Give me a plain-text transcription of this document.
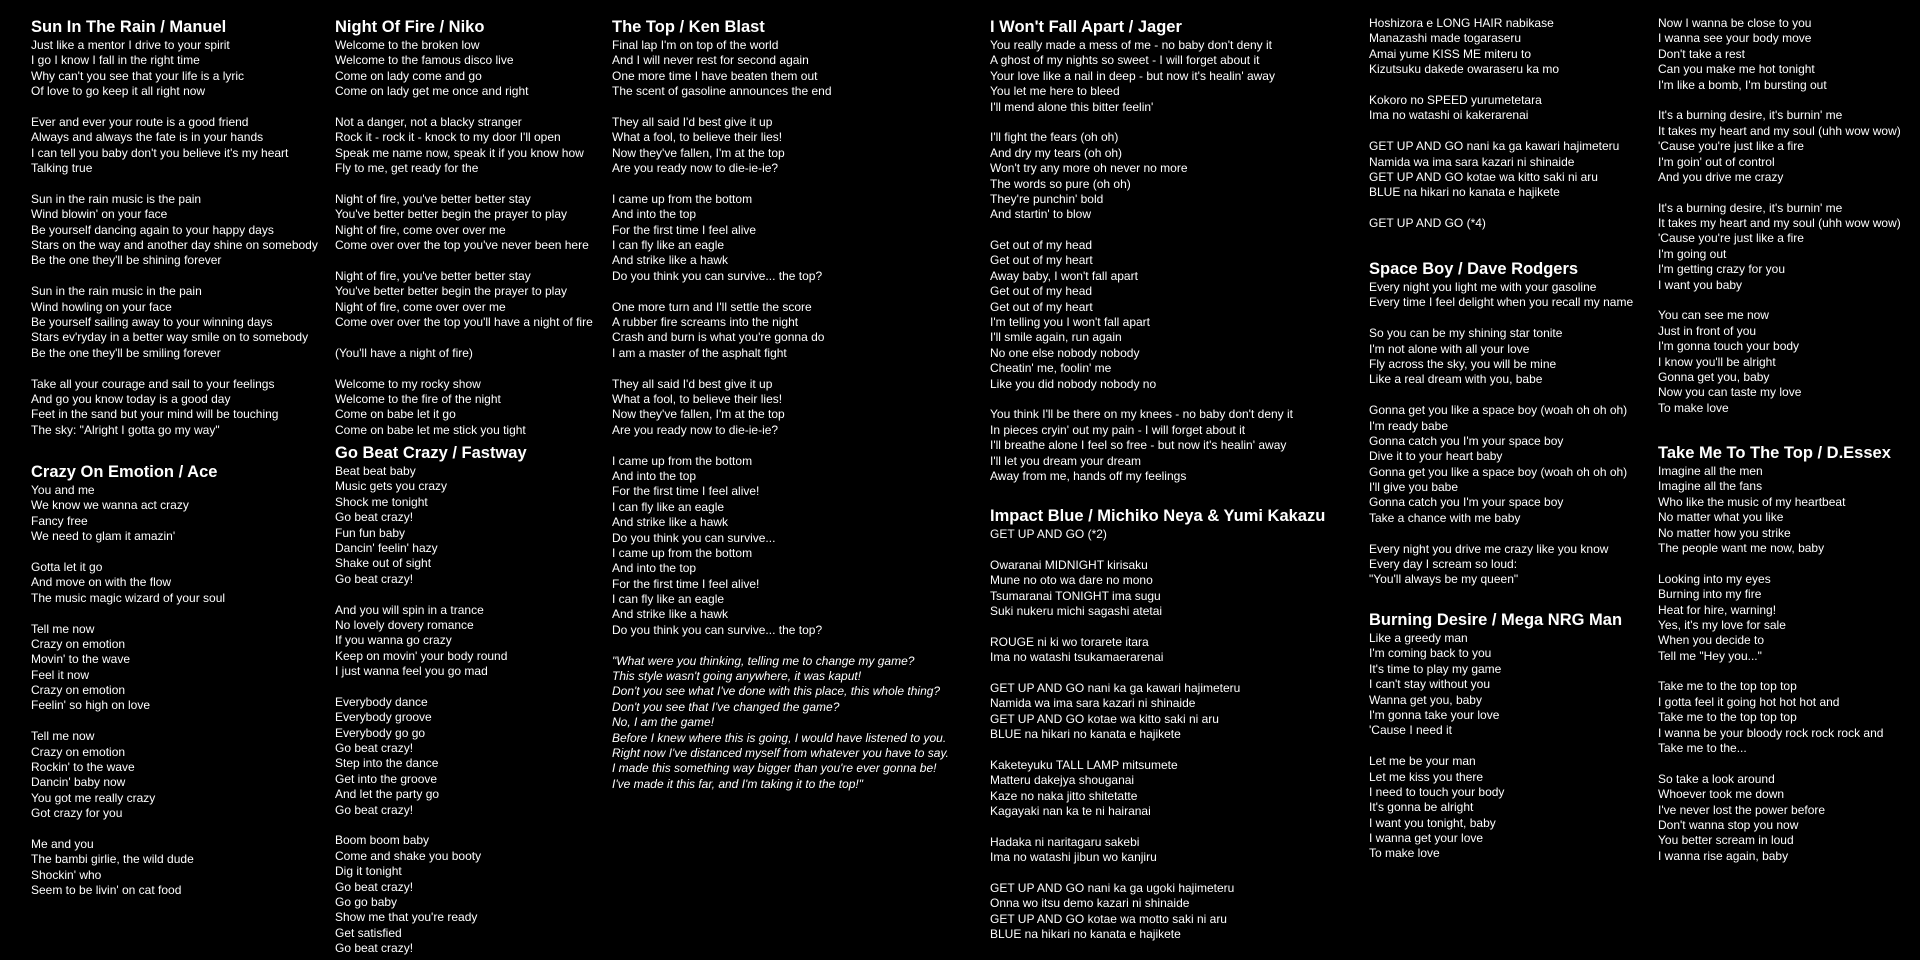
Sun In The Rain / Manuel
Just like a mentor I drive to your spirit
I go I know I fall in the right time
Why can't you see that your life is a lyric
Of love to go keep it all right now
Ever and ever your route is a good friend
Always and always the fate is in your hands
I can tell you baby don't you believe it's my heart
Talking true
Sun in the rain music is the pain
Wind blowin' on your face
Be yourself dancing again to your happy days
Stars on the way and another day shine on somebody
Be the one they'll be shining forever
Sun in the rain music in the pain
Wind howling on your face
Be yourself sailing away to your winning days
Stars ev'ryday in a better way smile on to somebody
Be the one they'll be smiling forever
Take all your courage and sail to your feelings
And go you know today is a good day
Feet in the sand but your mind will be touching
The sky: "Alright I gotta go my way"
Crazy On Emotion / Ace
You and me
We know we wanna act crazy
Fancy free
We need to glam it amazin'
Gotta let it go
And move on with the flow
The music magic wizard of your soul
Tell me now
Crazy on emotion
Movin' to the wave
Feel it now
Crazy on emotion
Feelin' so high on love
Tell me now
Crazy on emotion
Rockin' to the wave
Dancin' baby now
You got me really crazy
Got crazy for you
Me and you
The bambi girlie, the wild dude
Shockin' who
Seem to be livin' on cat food
Night Of Fire / Niko
Welcome to the broken low
Welcome to the famous disco live
Come on lady come and go
Come on lady get me once and right
Not a danger, not a blacky stranger
Rock it - rock it - knock to my door I'll open
Speak me name now, speak it if you know how
Fly to me, get ready for the
Night of fire, you've better better stay
You've better better begin the prayer to play
Night of fire, come over over me
Come over over the top you've never been here
Night of fire, you've better better stay
You've better better begin the prayer to play
Night of fire, come over over me
Come over over the top you'll have a night of fire
(You'll have a night of fire)
Welcome to my rocky show
Welcome to the fire of the night
Come on babe let it go
Come on babe let me stick you tight
Go Beat Crazy / Fastway
Beat beat baby
Music gets you crazy
Shock me tonight
Go beat crazy!
Fun fun baby
Dancin' feelin' hazy
Shake out of sight
Go beat crazy!
And you will spin in a trance
No lovely dovery romance
If you wanna go crazy
Keep on movin' your body round
I just wanna feel you go mad
Everybody dance
Everybody groove
Everybody go go
Go beat crazy!
Step into the dance
Get into the groove
And let the party go
Go beat crazy!
Boom boom baby
Come and shake you booty
Dig it tonight
Go beat crazy!
Go go baby
Show me that you're ready
Get satisfied
Go beat crazy!
The Top / Ken Blast
Final lap I'm on top of the world
And I will never rest for second again
One more time I have beaten them out
The scent of gasoline announces the end
They all said I'd best give it up
What a fool, to believe their lies!
Now they've fallen, I'm at the top
Are you ready now to die-ie-ie?
I came up from the bottom
And into the top
For the first time I feel alive
I can fly like an eagle
And strike like a hawk
Do you think you can survive... the top?
One more turn and I'll settle the score
A rubber fire screams into the night
Crash and burn is what you're gonna do
I am a master of the asphalt fight
They all said I'd best give it up
What a fool, to believe their lies!
Now they've fallen, I'm at the top
Are you ready now to die-ie-ie?
I came up from the bottom
And into the top
For the first time I feel alive!
I can fly like an eagle
And strike like a hawk
Do you think you can survive...
I came up from the bottom
And into the top
For the first time I feel alive!
I can fly like an eagle
And strike like a hawk
Do you think you can survive... the top?
"What were you thinking, telling me to change my game?
This style wasn't going anywhere, it was kaput!
Don't you see what I've done with this place, this whole thing?
Don't you see that I've changed the game?
No, I am the game!
Before I knew where this is going, I would have listened to you.
Right now I've distanced myself from whatever you have to say.
I made this something way bigger than you're ever gonna be!
I've made it this far, and I'm taking it to the top!"
I Won't Fall Apart / Jager
You really made a mess of me - no baby don't deny it
A ghost of my nights so sweet - I will forget about it
Your love like a nail in deep - but now it's healin' away
You let me here to bleed
I'll mend alone this bitter feelin'
I'll fight the fears (oh oh)
And dry my tears (oh oh)
Won't try any more oh never no more
The words so pure (oh oh)
They're punchin' bold
And startin' to blow
Get out of my head
Get out of my heart
Away baby, I won't fall apart
Get out of my head
Get out of my heart
I'm telling you I won't fall apart
I'll smile again, run again
No one else nobody nobody
Cheatin' me, foolin' me
Like you did nobody nobody no
You think I'll be there on my knees - no baby don't deny it
In pieces cryin' out my pain - I will forget about it
I'll breathe alone I feel so free - but now it's healin' away
I'll let you dream your dream
Away from me, hands off my feelings
Impact Blue / Michiko Neya & Yumi Kakazu
GET UP AND GO (*2)
Owaranai MIDNIGHT kirisaku
Mune no oto wa dare no mono
Tsumaranai TONIGHT ima sugu
Suki nukeru michi sagashi atetai
ROUGE ni ki wo torarete itara
Ima no watashi tsukamaerarenai
GET UP AND GO nani ka ga kawari hajimeteru
Namida wa ima sara kazari ni shinaide
GET UP AND GO kotae wa kitto saki ni aru
BLUE na hikari no kanata e hajikete
Kaketeyuku TALL LAMP mitsumete
Matteru dakejya shouganai
Kaze no naka jitto shitetatte
Kagayaki nan ka te ni hairanai
Hadaka ni naritagaru sakebi
Ima no watashi jibun wo kanjiru
GET UP AND GO nani ka ga ugoki hajimeteru
Onna wo itsu demo kazari ni shinaide
GET UP AND GO kotae wa motto saki ni aru
BLUE na hikari no kanata e hajikete
Hoshizora e LONG HAIR nabikase
Manazashi made togaraseru
Amai yume KISS ME miteru to
Kizutsuku dakede owaraseru ka mo
Kokoro no SPEED yurumetetara
Ima no watashi oi kakerarenai
GET UP AND GO nani ka ga kawari hajimeteru
Namida wa ima sara kazari ni shinaide
GET UP AND GO kotae wa kitto saki ni aru
BLUE na hikari no kanata e hajikete
GET UP AND GO (*4)
Space Boy / Dave Rodgers
Every night you light me with your gasoline
Every time I feel delight when you recall my name
So you can be my shining star tonite
I'm not alone with all your love
Fly across the sky, you will be mine
Like a real dream with you, babe
Gonna get you like a space boy (woah oh oh oh)
I'm ready babe
Gonna catch you I'm your space boy
Dive it to your heart baby
Gonna get you like a space boy (woah oh oh oh)
I'll give you babe
Gonna catch you I'm your space boy
Take a chance with me baby
Every night you drive me crazy like you know
Every day I scream so loud:
"You'll always be my queen"
Burning Desire / Mega NRG Man
Like a greedy man
I'm coming back to you
It's time to play my game
I can't stay without you
Wanna get you, baby
I'm gonna take your love
'Cause I need it
Let me be your man
Let me kiss you there
I need to touch your body
It's gonna be alright
I want you tonight, baby
I wanna get your love
To make love
Now I wanna be close to you
I wanna see your body move
Don't take a rest
Can you make me hot tonight
I'm like a bomb, I'm bursting out
It's a burning desire, it's burnin' me
It takes my heart and my soul (uhh wow wow)
'Cause you're just like a fire
I'm goin' out of control
And you drive me crazy
It's a burning desire, it's burnin' me
It takes my heart and my soul (uhh wow wow)
'Cause you're just like a fire
I'm going out
I'm getting crazy for you
I want you baby
You can see me now
Just in front of you
I'm gonna touch your body
I know you'll be alright
Gonna get you, baby
Now you can taste my love
To make love
Take Me To The Top / D.Essex
Imagine all the men
Imagine all the fans
Who like the music of my heartbeat
No matter what you like
No matter how you strike
The people want me now, baby
Looking into my eyes
Burning into my fire
Heat for hire, warning!
Yes, it's my love for sale
When you decide to
Tell me "Hey you..."
Take me to the top top top
I gotta feel it going hot hot hot and
Take me to the top top top
I wanna be your bloody rock rock rock and
Take me to the...
So take a look around
Whoever took me down
I've never lost the power before
Don't wanna stop you now
You better scream in loud
I wanna rise again, baby
